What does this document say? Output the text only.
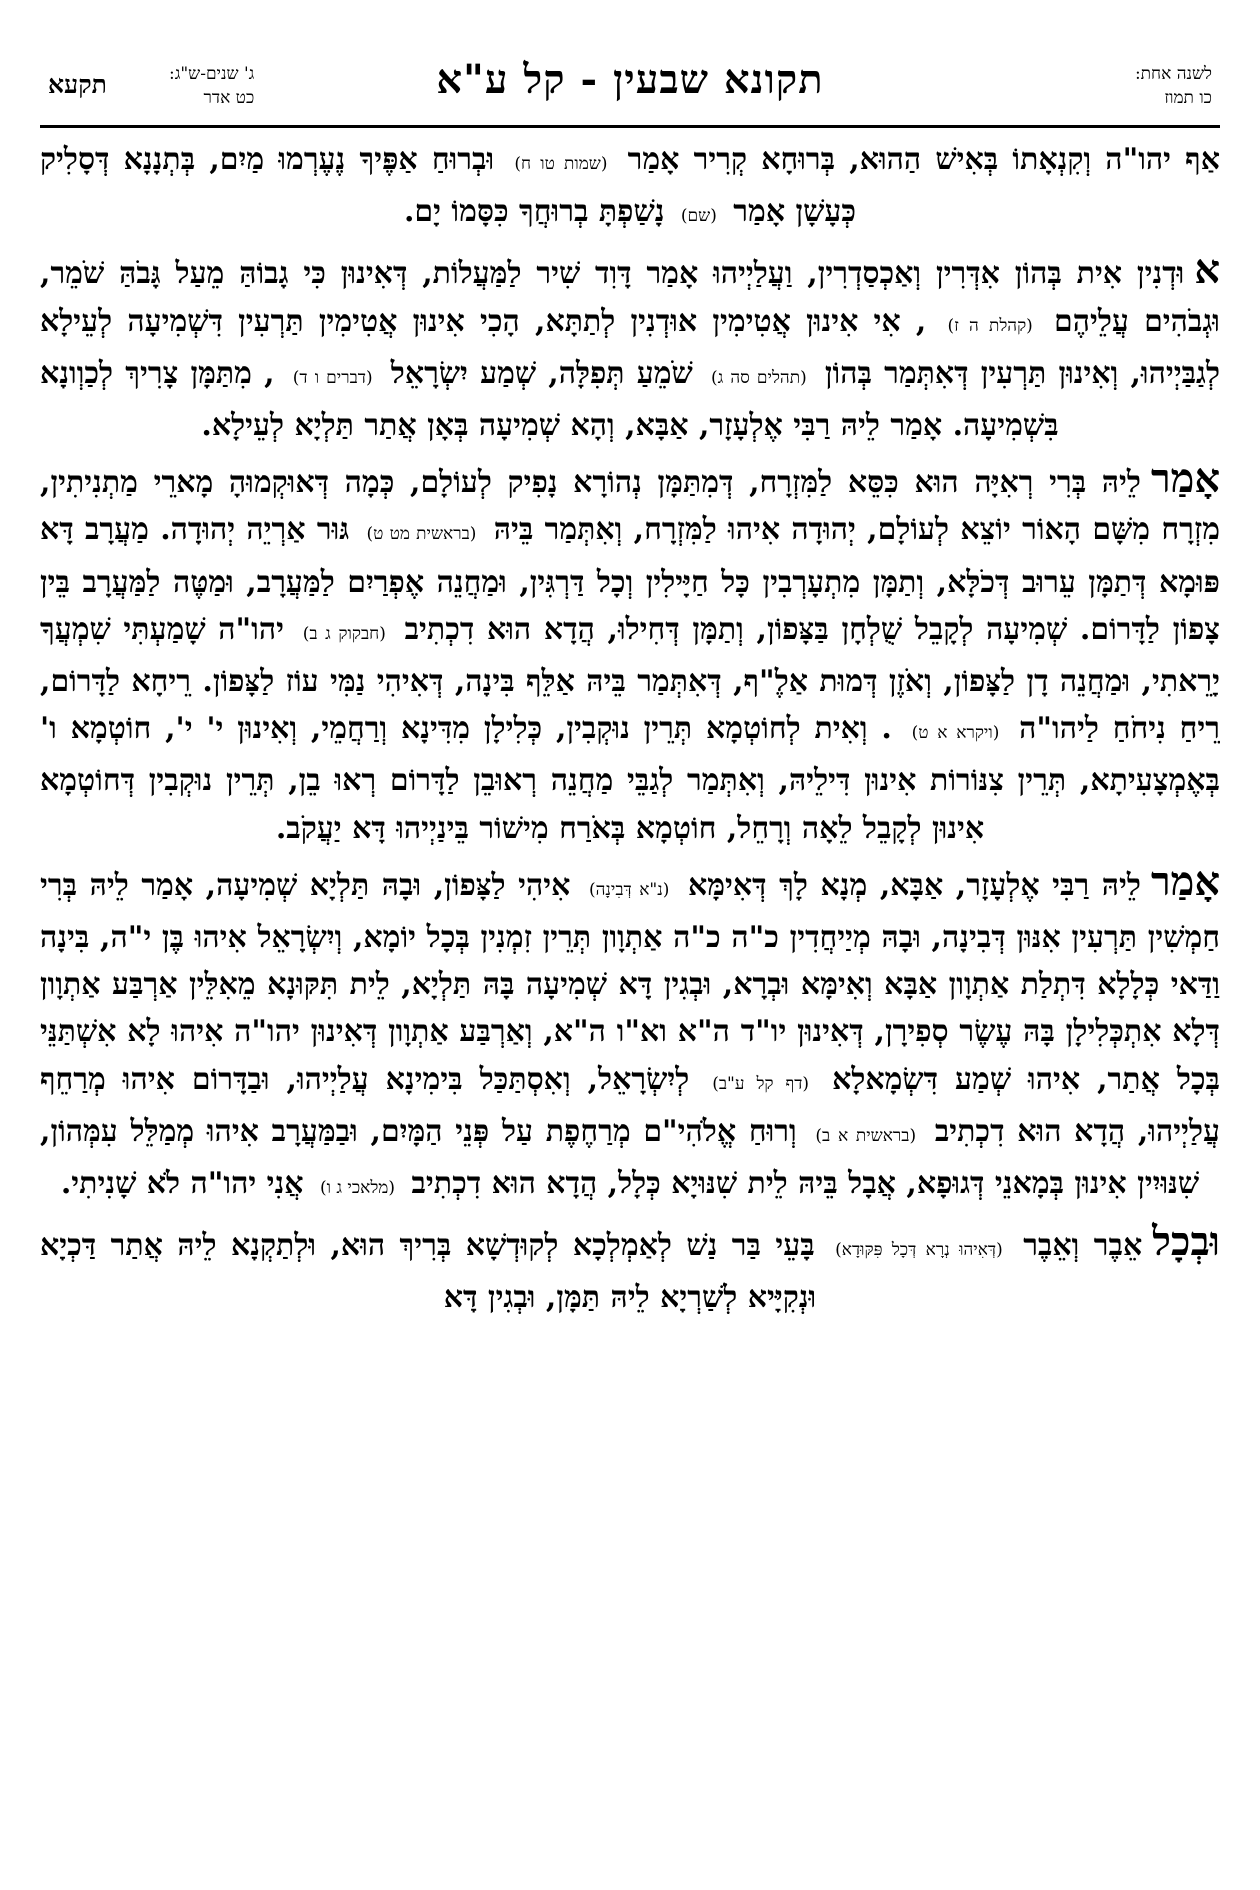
לשנה אחת:
כו תמוז
תקונא שבעין - קל ע"א
ג' שנים-ש"ג:
כט אדר
תקעא

אַף יהו"ה וְקִנְאָתוֹ בְּאִישׁ הַהוּא, בְּרוּחָא קְרִיר אָמַר (שמות טו ח) וּבְרוּחַ אַפֶּיךָ נֶעֶרְמוּ מַיִם, בְּתְנָנָא דְּסָלִיק כְּעָשָׁן אָמַר (שם) נָשַׁפְתָּ בְרוּחֲךָ כִּסָּמוֹ יָם.

אוּדְנִין אִית בְּהוֹן אִדְּרִין וְאַכְסַדְרִין, וַעֲלַיְיהוּ אָמַר דָּוִד שִׁיר לַמַּעֲלוֹת, דְּאִינוּן כִּי גָבוֹהַּ מֵעַל גָּבֹהַּ שֹׁמֵר, וּגְבֹהִים עֲלֵיהֶם (קהלת ה ז) , אִי אִינוּן אֲטִימִין אוּדְנִין לְתַתָּא, הָכִי אִינוּן אֲטִימִין תַּרְעִין דִּשְׁמִיעָה לְעֵילָא לְגַבַּיְיהוּ, וְאִינוּן תַּרְעִין דְּאִתְּמַר בְּהוֹן (תהלים סה ג) שֹׁמֵעַ תְּפִלָּה, שְׁמַע יִשְׂרָאֵל (דברים ו ד) , מִתַּמָּן צָרִיךְ לְכַוְונָא בִּשְׁמִיעָה. אָמַר לֵיהּ רַבִּי אֶלְעָזָר, אַבָּא, וְהָא שְׁמִיעָה בְּאָן אֲתַר תַּלְיָא לְעֵילָא.

אָמַרלֵיהּ בְּרִי רְאִיָּה הוּא כִּסֵּא לַמִּזְרָח, דְּמִתַּמָּן נְהוֹרָא נָפִיק לְעוֹלָם, כְּמָה דְּאוּקְמוּהָ מָארֵי מַתְנִיתִין, מִזְרָח מִשָּׁם הָאוֹר יוֹצֵא לְעוֹלָם, יְהוּדָה אִיהוּ לַמִּזְרָח, וְאִתְּמַר בֵּיהּ (בראשית מט ט) גּוּר אַרְיֵה יְהוּדָה. מַעֲרָב דָּא פּוּמָא דְּתַמָּן עֵרוּב דְּכֹלָּא, וְתַמָּן מִתְעָרְבִין כָּל חַיָּילִין וְכָל דַּרְגִּין, וּמַחֲנֵה אֶפְרַיִם לַמַּעֲרָב, וּמַטֶּה לַמַּעֲרָב בֵּין צָפוֹן לַדָּרוֹם. שְׁמִיעָה לְקָבֵל שֻׁלְחָן בַּצָּפוֹן, וְתַמָּן דְּחִילוּ, הֲדָא הוּא דִכְתִיב (חבקוק ג ב) יהו"ה שָׁמַעְתִּי שִׁמְעֲךָ יָרֵאתִי, וּמַחֲנֵה דָן לַצָּפוֹן, וְאֹזֶן דְּמוּת אַלֶ"ף, דְּאִתְּמַר בֵּיהּ אַלֵּף בִּינָה, דְּאִיהִי נַמִּי עוֹז לַצָּפוֹן. רֵיחָא לַדָּרוֹם, רֵיחַ נִיחֹחַ לַיהו"ה (ויקרא א ט) . וְאִית לְחוֹטְמָא תְּרֵין נוּקְבִין, כְּלִילָן מִדִּינָא וְרַחֲמֵי, וְאִינוּן י' י', חוֹטְמָא ו' בְּאֶמְצָעִיתָא, תְּרֵין צִנּוֹרוֹת אִינוּן דִּילֵיהּ, וְאִתְּמַר לְגַבֵּי מַחֲנֵה רְאוּבֵן לַדָּרוֹם רְאוּ בֵן, תְּרֵין נוּקְבִין דְּחוֹטְמָא אִינוּן לְקָבֵל לֵאָה וְרָחֵל, חוֹטְמָא בְּאֹרַח מִישׁוֹר בֵּינַיְיהוּ דָּא יַעֲקֹב.

אָמַרלֵיהּ רַבִּי אֶלְעָזָר, אַבָּא, מְנָא לָךְ דְּאִימָּא (נ"א דְּבִינָה) אִיהִי לַצָּפוֹן, וּבָהּ תַּלְיָא שְׁמִיעָה, אָמַר לֵיהּ בְּרִי חַמְשִׁין תַּרְעִין אִנּוּן דְּבִינָה, וּבָהּ מְיַיחֲדִין כ"ה כ"ה אַתְוָון תְּרֵין זִמְנִין בְּכָל יוֹמָא, וְיִשְׂרָאֵל אִיהוּ בֶּן י"ה, בִּינָה וַדַּאי כְּלָלָא דִּתְלַת אַתְוָון אַבָּא וְאִימָּא וּבְרָא, וּבְגִין דָּא שְׁמִיעָה בָּהּ תַּלְיָא, לֵית תִּקּוּנָא מֵאִלֵּין אַרְבַּע אַתְוָון דְּלָא אִתְכְּלִילָן בָּהּ עֶשֶׂר סְפִירָן, דְּאִינוּן יו"ד ה"א וא"ו ה"א, וְאַרְבַּע אַתְוָון דְּאִינוּן יהו"ה אִיהוּ לָא אִשְׁתַּנֵּי בְּכָל אֲתַר, אִיהוּ שְׁמַע דִּשְׂמָאלָא (דף קל ע"ב) לְיִשְׂרָאֵל, וְאִסְתַּכַּל בִּימִינָא עֲלַיְיהוּ, וּבַדָּרוֹם אִיהוּ מְרַחֵף עֲלַיְיהוּ, הֲדָא הוּא דִכְתִיב (בראשית א ב) וְרוּחַ אֱלֹהִי"ם מְרַחֶפֶת עַל פְּנֵי הַמָּיִם, וּבַמַּעֲרָב אִיהוּ מְמַלֵּל עִמְּהוֹן, שִׁנּוּיִין אִינוּן בְּמָאנֵי דְּגוּפָא, אֲבָל בֵּיהּ לֵית שִׁנּוּיָא כְּלָל, הֲדָא הוּא דִכְתִיב (מלאכי ג ו) אֲנִי יהו"ה לֹא שָׁנִיתִי.

וּבְכָלאֵבֶר וְאֵבֶר (דְּאִיהוּ נְרָא דְּכָל פִּקּוּדָא) בָּעֵי בַּר נַשׁ לְאַמְלְכָא לְקוּדְשָׁא בְּרִיךְ הוּא, וּלְתַקְנָא לֵיהּ אֲתַר דַּכְיָא וּנְקִיָּיא לְשַׁרְיָא לֵיהּ תַּמָּן, וּבְגִין דָּא
